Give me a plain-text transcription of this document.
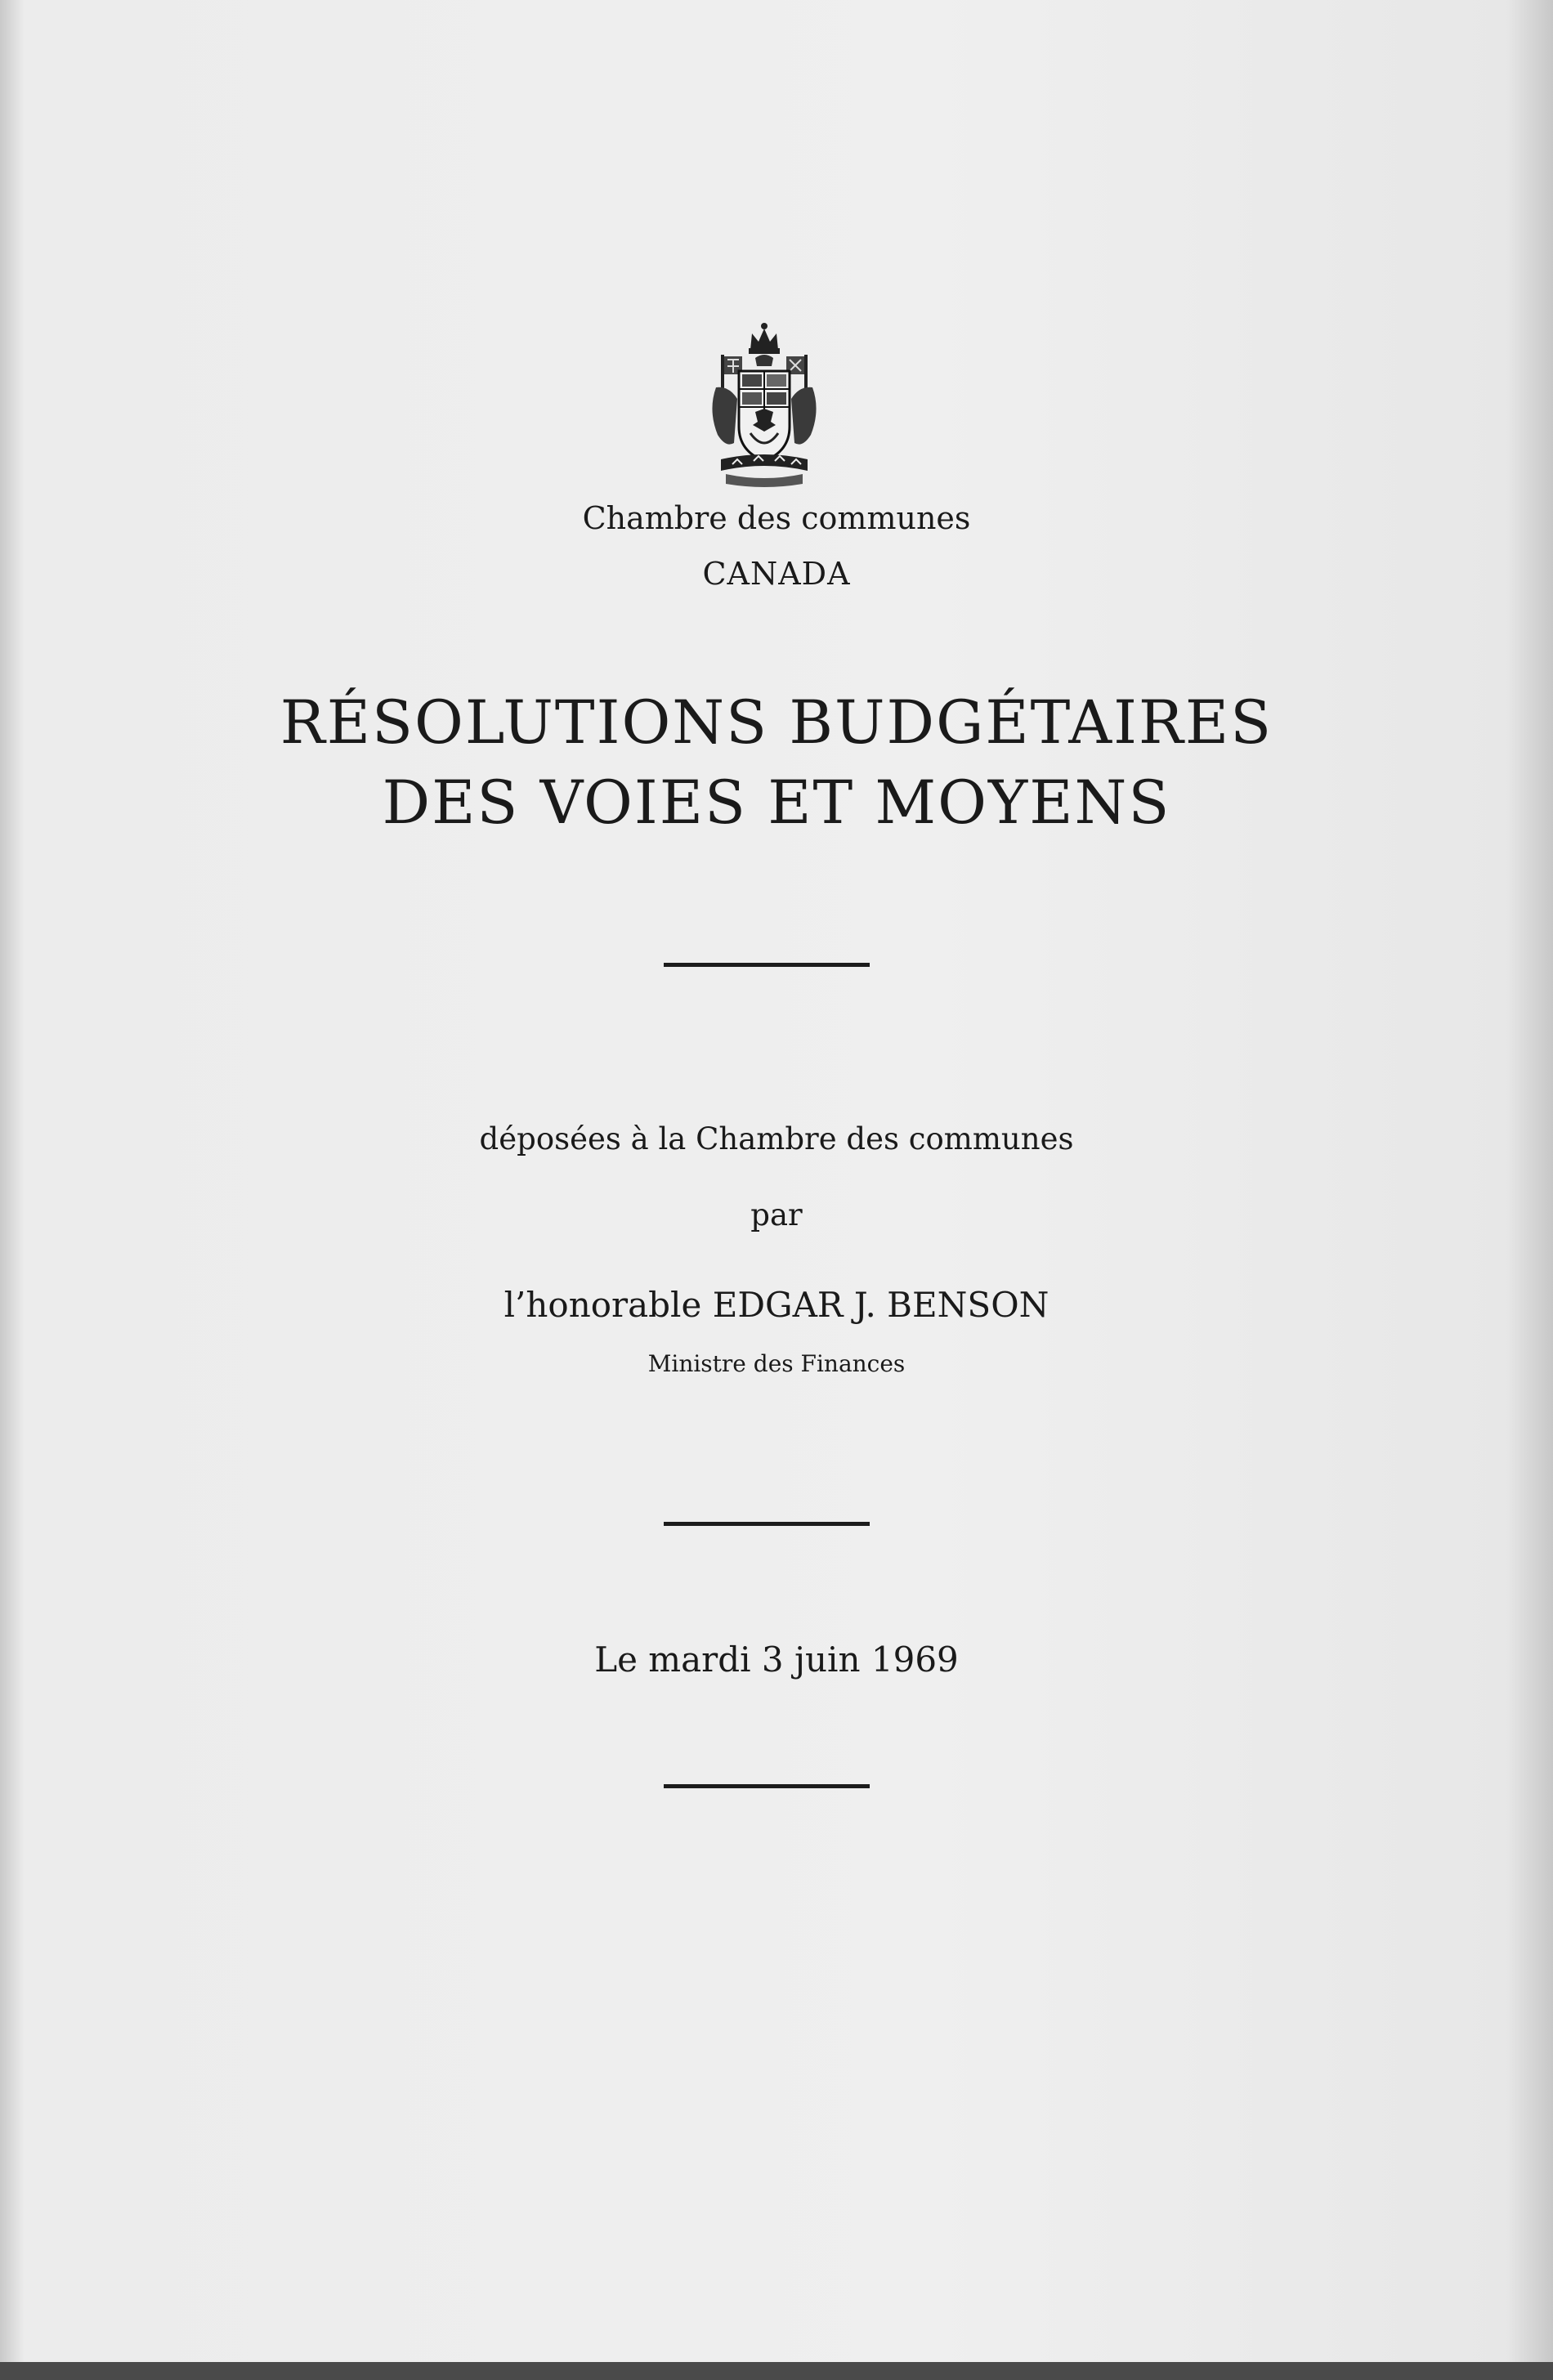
Chambre des communes
CANADA
RÉSOLUTIONS BUDGÉTAIRES
DES VOIES ET MOYENS
déposées à la Chambre des communes
par
l’honorable EDGAR J. BENSON
Ministre des Finances
Le mardi 3 juin 1969
